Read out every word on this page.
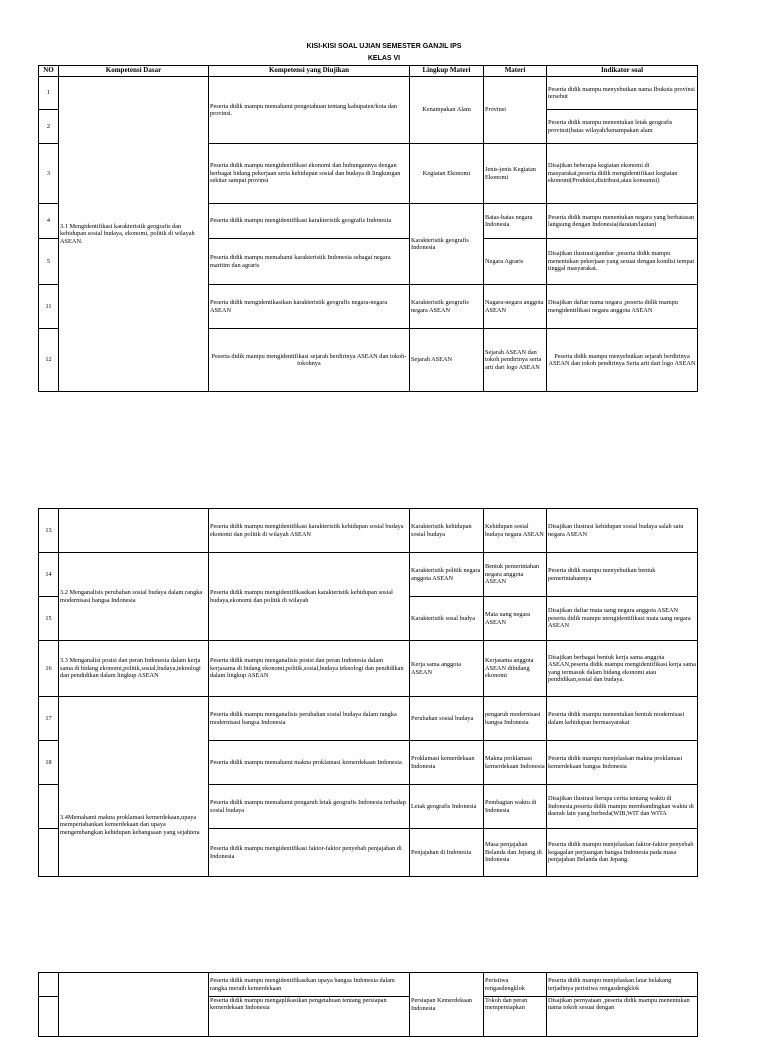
KISI-KISI SOAL UJIAN SEMESTER GANJIL IPS
KELAS VI
NO	Kompetensi Dasar	Kompetensi yang Diujikan	Lingkup Materi	Materi	Indikator soal
1	3.1 Mengidentifikasi karakteristik geografis dan kehidupan sosial budaya, ekonomi, politik di wilayah ASEAN.	Peserta didik mampu memahami pengetahuan tentang kabupaten/kota dan provinsi.	Kenampakan Alam	Provinsi	Peserta didik mampu menyebutkan nama Ibukota provinsi tersebut
2					Peserta didik mampu menentukan letak geografis provinsi(batas wilayah/kenampakan alam
3		Peserta didik mampu mengidentifikasi ekonomi dan hubungannya dengan berbagai bidang pekerjaan serta kehidupan sosial dan budaya di lingkungan sekitar sampai provinsi	Kegiatan Ekonomi	Jenis-jenis Kegiatan Ekonomi	Disajikan beberapa kegiatan ekonomi di masyarakat,peserta didik mengidentifikasi kegiatan ekonomi(Produksi,distribusi,atau konsumsi)
4		Peserta didik mampu mengidentifikasi karakteristik geografis Indonesia	Karakteristik geografis Indonesia	Batas-batas negara Indonesia	Peserta didik mampu menentukan negara yang berbatasan langsung dengan Indonesia(daratan/lautan)
5		Peserta didik mampu memahami karakteristik Indonesia sebagai negara maritim dan agraris		Negara Agraris	Disajikan ilustrasi/gambar ,peserta didik mampu menentukan pekerjaan yang sesuai dengan kondisi tempat tinggal masyarakat.
11		Peserta didik mengidentikasikan karakteristik geografis negara-negara ASEAN	Karakteristik geografis negara ASEAN	Nagara-negara anggota ASEAN	Disajikan daftar nama negara ,peserta didik mampu mengidentifikasi negara anggota ASEAN
12		Peserta didik mampu mengidentifikasi sejarah berdirinya ASEAN dan tokoh-tokohnya	Sejarah ASEAN	Sejarah ASEAN dan tokoh pendirinya serta arti dari logo ASEAN	Peserta didik mampu menyebutkan sejarah berdirinya ASEAN dan tokoh pendirinya Serta arti dari logo ASEAN
13		Peserta didik mampu mengidentifikasi karakteristik kehidupan sosial budaya ekonomi dan politik di wilayah ASEAN	Karakteristik kehidupan sosial budaya	Kehidupan sosial budaya negara ASEAN	Disajikan ilustrasi kehidupan sosial budaya salah satu negara ASEAN
14	3.2 Menganalisis perubahan sosial budaya dalam rangka modernisasi bangsa Indonesia	Peserta didik mampu mengidentifikasikan karakteristik kehidupan sosial budaya,ekonomi dan politik di wilayah	Karakteristik politik negara anggota ASEAN	Bentuk pemerintahan negara anggota ASEAN	Peserta didik mampu menyebutkan bentuk pemerintahannya
15			Karakteristik sosal budya	Mata uang negara ASEAN	Disajikan daftar mata uang negara anggota ASEAN peserta didik mampu mengidentifikasi mata uang negara ASEAN
16	3.3 Menganalisi posisi dan peran Indonesia dalam kerja sama di bidang ekonomi,politik,sosial,budaya,teknologi dan pendidikan dalam lingkup ASEAN	Peserta didik mampu menganalisis posisi dan peran Indonesia dalam kerjasama di bidang ekonomi,politik,sosial,budaya teknologi dan pendidikan dalam lingkup ASEAN	Kerja sama anggota ASEAN	Kerjasama anggota ASEAN dibidang ekonomi	Disajikan berbagai bentuk kerja sama anggota ASEAN,peserta didik mampu mengidentifikasi kerja sama yang termasuk dalam bidang ekonomi atau pendidikan,sosial dan budaya.
17	3.4Memahami makna proklamasi kemerdekaan,upaya mempertahankan kemerdekaan dan upaya mengembangkan kehidupan kebangsaan yang sejahtera	Peserta didik mampu menganalisis perubahan sosial budaya dalam rangka modernisasi bangsa Indonesia	Perubahan sosial budaya	pengaruh modernisasi bangsa Indonesia	Peserta didik mampu menentukan bentuk modernisasi dalam kehidupan bermasyarakat
18		Peserta didik mampu memahami makna proklamasi kemerdekaan Indonesia	Proklamasi kemerdekaan Indonesia	Makna proklamasi kemerdekaan Indonesia	Peserta didik mampu menjelaskan makna proklamasi kemerdekaan bangsa Indonesia
		Peserta didik mampu memahami pengaruh letak geografis Indonesia terhadap sosial budaya	Letak geografis Indonesia	Pembagian waktu di Indonesia	Disajikan ilustrasi berupa cerita tentang waktu di Indonesia,peserta didik mampu membandingkan waktu di daerah lain yang berbeda(WIB,WIT dan WITA
		Peserta didik mampu mengidentifikasi faktor-faktor penyebab penjajahan di Indonesia	Penjajahan di Indonesia	Masa penjajahan Belanda dan Jepang di Indonesia	Peserta didik mampu menjelaskan faktor-faktor penyebab kegagalan perjuangan bangsa Indonesia pada masa penjajahan Belanda dan Jepang.
		Peserta didik mampu mengidentifikasikan upaya bangsa Indonesia dalam rangka meraih kemerdekaan	Persiapan Kemerdekaan Indonesia	Peristiwa rengasdengklok	Peserta didik mampu menjelaskan latar belakang terjadinya peristiwa rengasdengklok
		Peserta didik mampu mengaplikasikan pengetahuan tentang persiapan kemerdekaan Indonesia		Tokoh dan peran mempersiapkan	Disajikan pernyataan ,peserta didik mampu menentukan nama tokoh sesuai dengan
